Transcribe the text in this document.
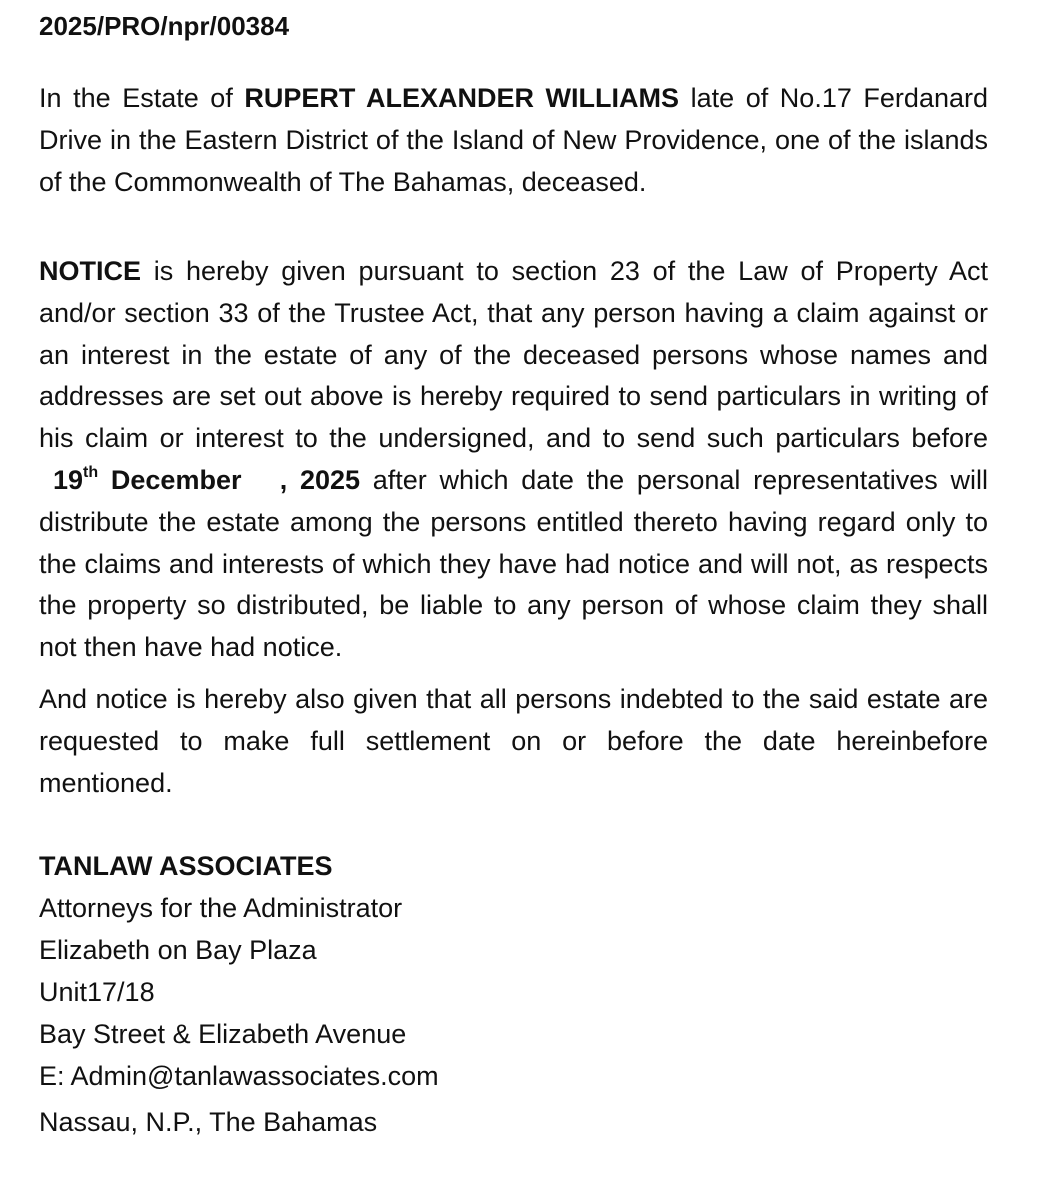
2025/PRO/npr/00384

In the Estate of RUPERT ALEXANDER WILLIAMS late of No.17 Ferdanard Drive in the Eastern District of the Island of New Providence, one of the islands of the Commonwealth of The Bahamas, deceased.

NOTICE is hereby given pursuant to section 23 of the Law of Property Act and/or section 33 of the Trustee Act, that any person having a claim against or an interest in the estate of any of the deceased persons whose names and addresses are set out above is hereby required to send particulars in writing of his claim or interest to the undersigned, and to send such particulars before 19th December , 2025 after which date the personal representatives will distribute the estate among the persons entitled thereto having regard only to the claims and interests of which they have had notice and will not, as respects the property so distributed, be liable to any person of whose claim they shall not then have had notice.

And notice is hereby also given that all persons indebted to the said estate are requested to make full settlement on or before the date hereinbefore mentioned.

TANLAW ASSOCIATES
Attorneys for the Administrator
Elizabeth on Bay Plaza
Unit17/18
Bay Street & Elizabeth Avenue
E: Admin@tanlawassociates.com
Nassau, N.P., The Bahamas
